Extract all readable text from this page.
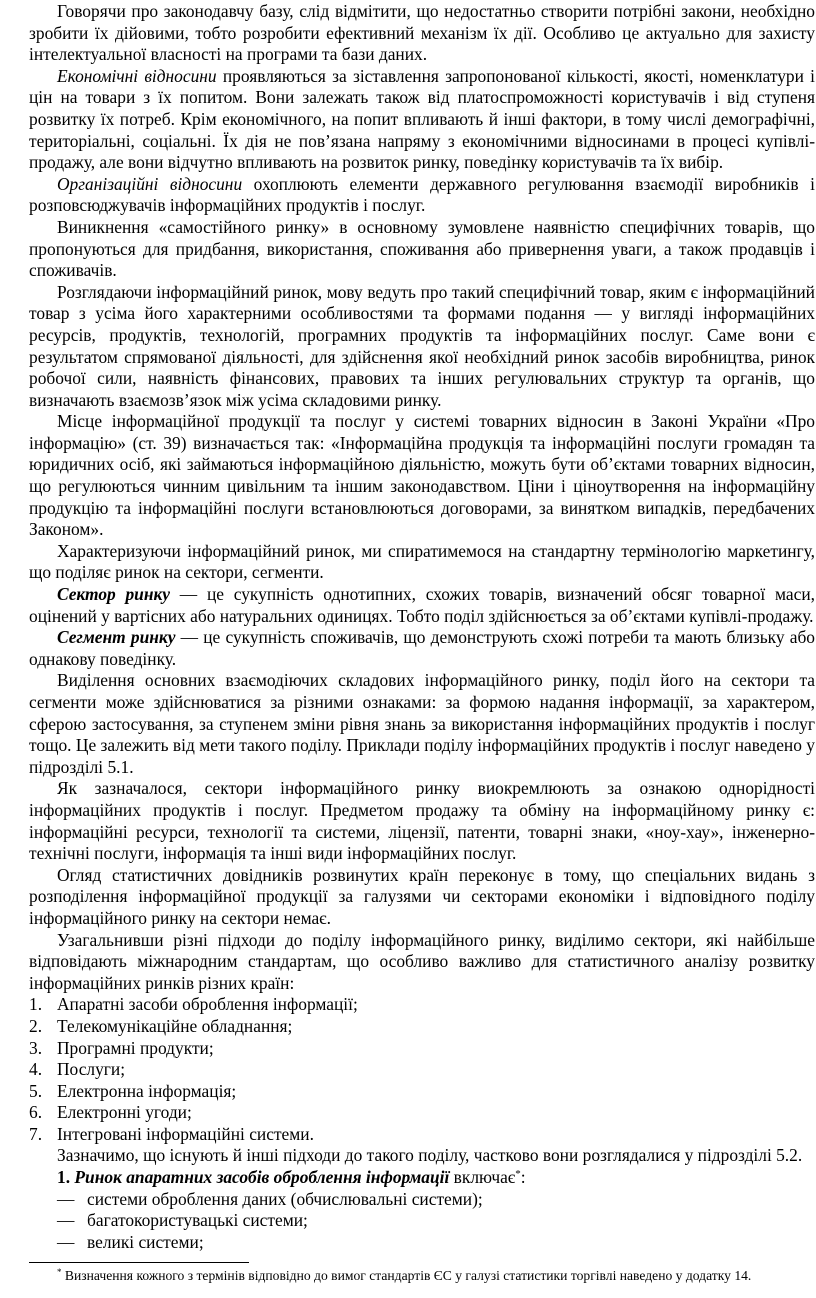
Говорячи про законодавчу базу, слід відмітити, що недостатньо створити потрібні закони, необхідно зробити їх дійовими, тобто розробити ефективний механізм їх дії. Особливо це актуально для захисту інтелектуальної власності на програми та бази даних.

Економічні відносини проявляються за зіставлення запропонованої кількості, якості, номенклатури і цін на товари з їх попитом. Вони залежать також від платоспроможності користувачів і від ступеня розвитку їх потреб. Крім економічного, на попит впливають й інші фактори, в тому числі демографічні, територіальні, соціальні. Їх дія не пов’язана напряму з економічними відносинами в процесі купівлі-продажу, але вони відчутно впливають на розвиток ринку, поведінку користувачів та їх вибір.

Організаційні відносини охоплюють елементи державного регулювання взаємодії виробників і розповсюджувачів інформаційних продуктів і послуг.

Виникнення «самостійного ринку» в основному зумовлене наявністю специфічних товарів, що пропонуються для придбання, використання, споживання або привернення уваги, а також продавців і споживачів.

Розглядаючи інформаційний ринок, мову ведуть про такий специфічний товар, яким є інформаційний товар з усіма його характерними особливостями та формами подання — у вигляді інформаційних ресурсів, продуктів, технологій, програмних продуктів та інформаційних послуг. Саме вони є результатом спрямованої діяльності, для здійснення якої необхідний ринок засобів виробництва, ринок робочої сили, наявність фінансових, правових та інших регулювальних структур та органів, що визначають взаємозв’язок між усіма складовими ринку.

Місце інформаційної продукції та послуг у системі товарних відносин в Законі України «Про інформацію» (ст. 39) визначається так: «Інформаційна продукція та інформаційні послуги громадян та юридичних осіб, які займаються інформаційною діяльністю, можуть бути об’єктами товарних відносин, що регулюються чинним цивільним та іншим законодавством. Ціни і ціноутворення на інформаційну продукцію та інформаційні послуги встановлюються договорами, за винятком випадків, передбачених Законом».

Характеризуючи інформаційний ринок, ми спиратимемося на стандартну термінологію маркетингу, що поділяє ринок на сектори, сегменти.

Сектор ринку — це сукупність однотипних, схожих товарів, визначений обсяг товарної маси, оцінений у вартісних або натуральних одиницях. Тобто поділ здійснюється за об’єктами купівлі-продажу.

Сегмент ринку — це сукупність споживачів, що демонструють схожі потреби та мають близьку або однакову поведінку.

Виділення основних взаємодіючих складових інформаційного ринку, поділ його на сектори та сегменти може здійснюватися за різними ознаками: за формою надання інформації, за характером, сферою застосування, за ступенем зміни рівня знань за використання інформаційних продуктів і послуг тощо. Це залежить від мети такого поділу. Приклади поділу інформаційних продуктів і послуг наведено у підрозділі 5.1.

Як зазначалося, сектори інформаційного ринку виокремлюють за ознакою однорідності інформаційних продуктів і послуг. Предметом продажу та обміну на інформаційному ринку є: інформаційні ресурси, технології та системи, ліцензії, патенти, товарні знаки, «ноу-хау», інженерно-технічні послуги, інформація та інші види інформаційних послуг.

Огляд статистичних довідників розвинутих країн переконує в тому, що спеціальних видань з розподілення інформаційної продукції за галузями чи секторами економіки і відповідного поділу інформаційного ринку на сектори немає.

Узагальнивши різні підходи до поділу інформаційного ринку, виділимо сектори, які найбільше відповідають міжнародним стандартам, що особливо важливо для статистичного аналізу розвитку інформаційних ринків різних країн:

1. Апаратні засоби оброблення інформації;
2. Телекомунікаційне обладнання;
3. Програмні продукти;
4. Послуги;
5. Електронна інформація;
6. Електронні угоди;
7. Інтегровані інформаційні системи.

Зазначимо, що існують й інші підходи до такого поділу, частково вони розглядалися у підрозділі 5.2.

1. Ринок апаратних засобів оброблення інформації включає*:

— системи оброблення даних (обчислювальні системи);
— багатокористувацькі системи;
— великі системи;
* Визначення кожного з термінів відповідно до вимог стандартів ЄС у галузі статистики торгівлі наведено у додатку 14.
